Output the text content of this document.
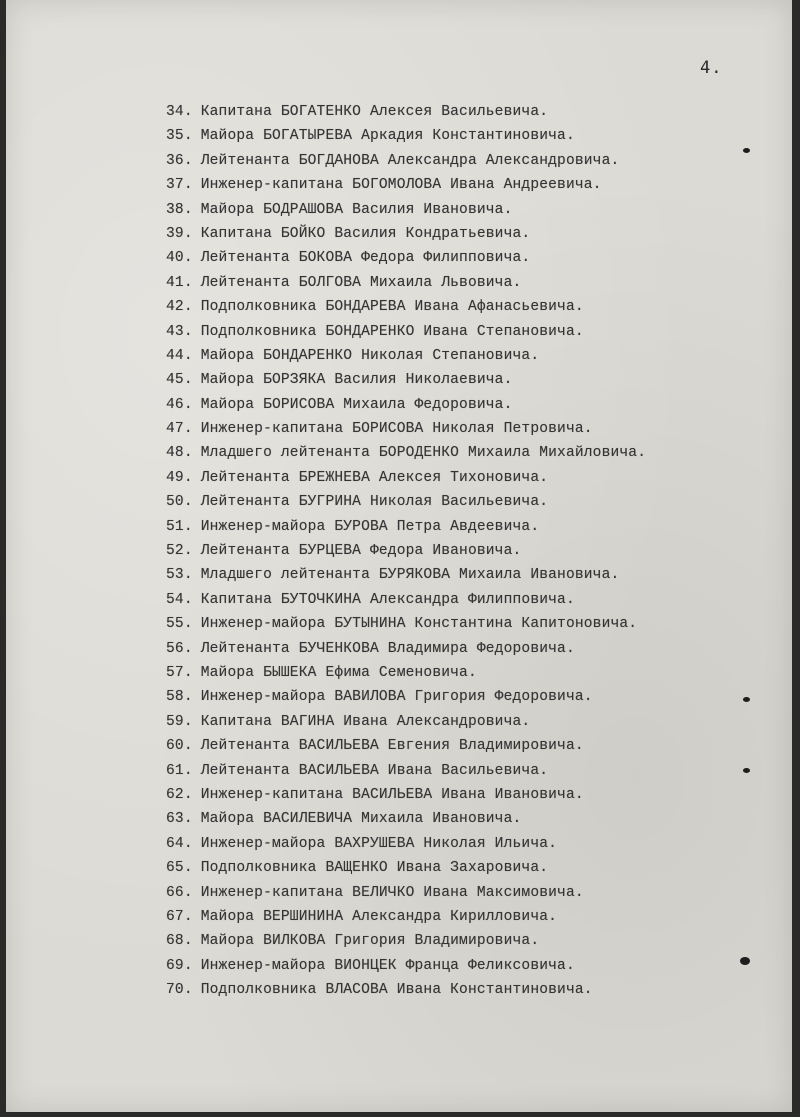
4.
34. Капитана БОГАТЕНКО Алексея Васильевича.
35. Майора БОГАТЫРЕВА Аркадия Константиновича.
36. Лейтенанта БОГДАНОВА Александра Александровича.
37. Инженер-капитана БОГОМОЛОВА Ивана Андреевича.
38. Майора БОДРАШОВА Василия Ивановича.
39. Капитана БОЙКО Василия Кондратьевича.
40. Лейтенанта БОКОВА Федора Филипповича.
41. Лейтенанта БОЛГОВА Михаила Львовича.
42. Подполковника БОНДАРЕВА Ивана Афанасьевича.
43. Подполковника БОНДАРЕНКО Ивана Степановича.
44. Майора БОНДАРЕНКО Николая Степановича.
45. Майора БОРЗЯКА Василия Николаевича.
46. Майора БОРИСОВА Михаила Федоровича.
47. Инженер-капитана БОРИСОВА Николая Петровича.
48. Младшего лейтенанта БОРОДЕНКО Михаила Михайловича.
49. Лейтенанта БРЕЖНЕВА Алексея Тихоновича.
50. Лейтенанта БУГРИНА Николая Васильевича.
51. Инженер-майора БУРОВА Петра Авдеевича.
52. Лейтенанта БУРЦЕВА Федора Ивановича.
53. Младшего лейтенанта БУРЯКОВА Михаила Ивановича.
54. Капитана БУТОЧКИНА Александра Филипповича.
55. Инженер-майора БУТЫНИНА Константина Капитоновича.
56. Лейтенанта БУЧЕНКОВА Владимира Федоровича.
57. Майора БЫШЕКА Ефима Семеновича.
58. Инженер-майора ВАВИЛОВА Григория Федоровича.
59. Капитана ВАГИНА Ивана Александровича.
60. Лейтенанта ВАСИЛЬЕВА Евгения Владимировича.
61. Лейтенанта ВАСИЛЬЕВА Ивана Васильевича.
62. Инженер-капитана ВАСИЛЬЕВА Ивана Ивановича.
63. Майора ВАСИЛЕВИЧА Михаила Ивановича.
64. Инженер-майора ВАХРУШЕВА Николая Ильича.
65. Подполковника ВАЩЕНКО Ивана Захаровича.
66. Инженер-капитана ВЕЛИЧКО Ивана Максимовича.
67. Майора ВЕРШИНИНА Александра Кирилловича.
68. Майора ВИЛКОВА Григория Владимировича.
69. Инженер-майора ВИОНЦЕК Франца Феликсовича.
70. Подполковника ВЛАСОВА Ивана Константиновича.
